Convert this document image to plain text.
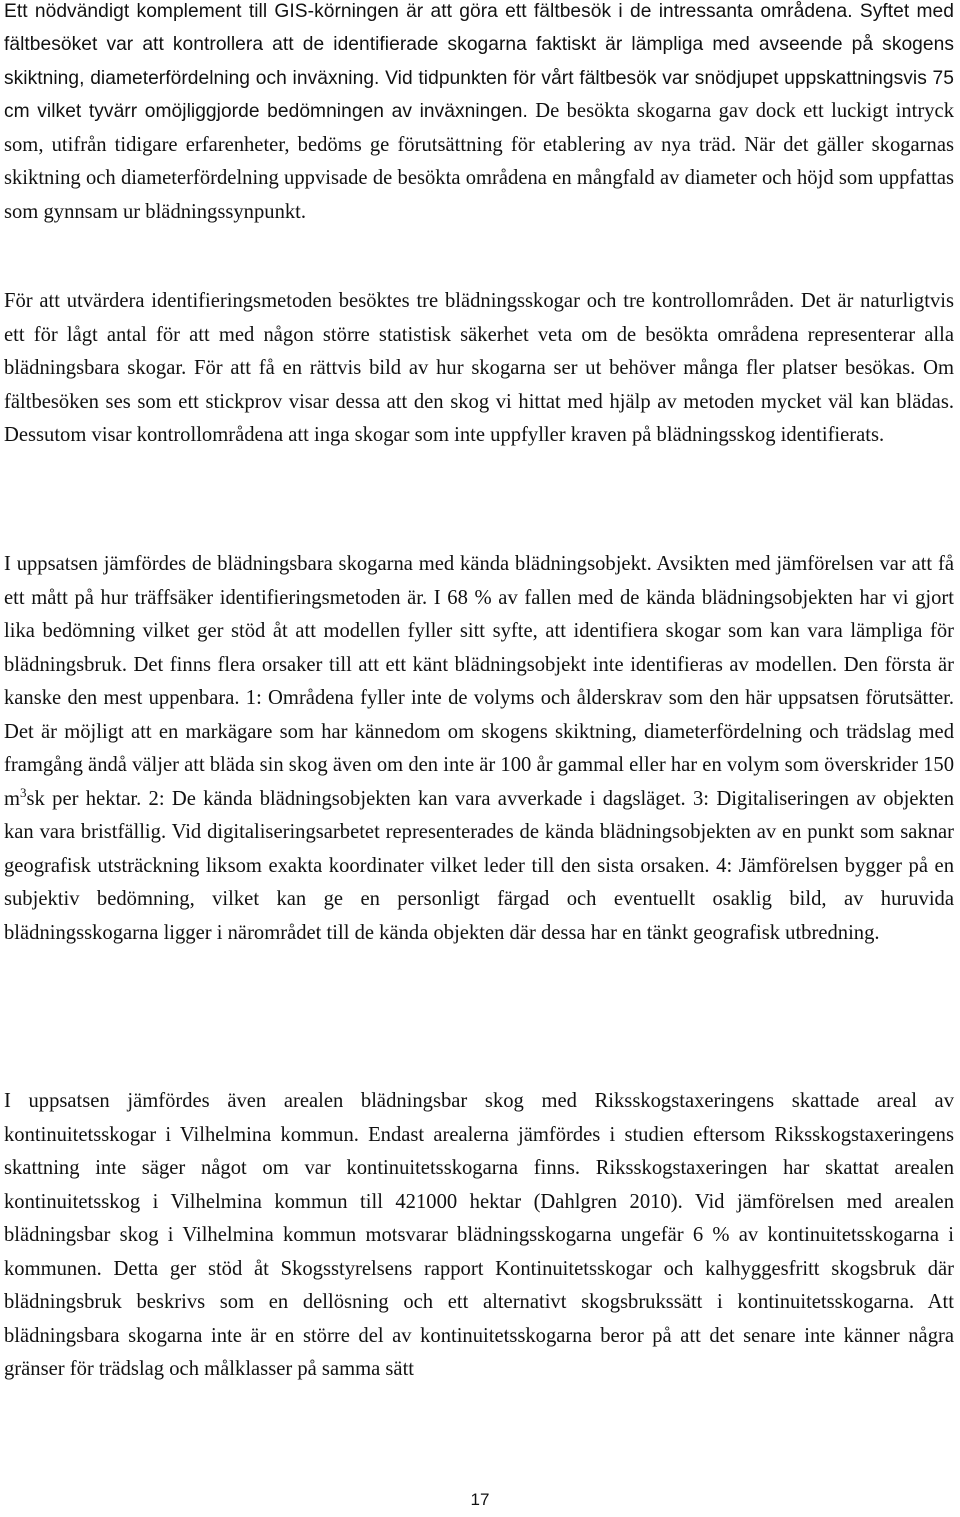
Ett nödvändigt komplement till GIS-körningen är att göra ett fältbesök i de intressanta områdena. Syftet med fältbesöket var att kontrollera att de identifierade skogarna faktiskt är lämpliga med avseende på skogens skiktning, diameterfördelning och inväxning. Vid tidpunkten för vårt fältbesök var snödjupet uppskattningsvis 75 cm vilket tyvärr omöjliggjorde bedömningen av inväxningen. De besökta skogarna gav dock ett luckigt intryck som, utifrån tidigare erfarenheter, bedöms ge förutsättning för etablering av nya träd. När det gäller skogarnas skiktning och diameterfördelning uppvisade de besökta områdena en mångfald av diameter och höjd som uppfattas som gynnsam ur blädningssynpunkt.

För att utvärdera identifieringsmetoden besöktes tre blädningsskogar och tre kontrollområden. Det är naturligtvis ett för lågt antal för att med någon större statistisk säkerhet veta om de besökta områdena representerar alla blädningsbara skogar. För att få en rättvis bild av hur skogarna ser ut behöver många fler platser besökas. Om fältbesöken ses som ett stickprov visar dessa att den skog vi hittat med hjälp av metoden mycket väl kan blädas. Dessutom visar kontrollområdena att inga skogar som inte uppfyller kraven på blädningsskog identifierats.

I uppsatsen jämfördes de blädningsbara skogarna med kända blädningsobjekt. Avsikten med jämförelsen var att få ett mått på hur träffsäker identifieringsmetoden är. I 68 % av fallen med de kända blädningsobjekten har vi gjort lika bedömning vilket ger stöd åt att modellen fyller sitt syfte, att identifiera skogar som kan vara lämpliga för blädningsbruk. Det finns flera orsaker till att ett känt blädningsobjekt inte identifieras av modellen. Den första är kanske den mest uppenbara. 1: Områdena fyller inte de volyms och ålderskrav som den här uppsatsen förutsätter. Det är möjligt att en markägare som har kännedom om skogens skiktning, diameterfördelning och trädslag med framgång ändå väljer att bläda sin skog även om den inte är 100 år gammal eller har en volym som överskrider 150 $m^3sk$ per hektar. 2: De kända blädningsobjekten kan vara avverkade i dagsläget. 3: Digitaliseringen av objekten kan vara bristfällig. Vid digitaliseringsarbetet representerades de kända blädningsobjekten av en punkt som saknar geografisk utsträckning liksom exakta koordinater vilket leder till den sista orsaken. 4: Jämförelsen bygger på en subjektiv bedömning, vilket kan ge en personligt färgad och eventuellt osaklig bild, av huruvida blädningsskogarna ligger i närområdet till de kända objekten där dessa har en tänkt geografisk utbredning.

I uppsatsen jämfördes även arealen blädningsbar skog med Riksskogstaxeringens skattade areal av kontinuitetsskogar i Vilhelmina kommun. Endast arealerna jämfördes i studien eftersom Riksskogstaxeringens skattning inte säger något om var kontinuitetsskogarna finns. Riksskogstaxeringen har skattat arealen kontinuitetsskog i Vilhelmina kommun till 421000 hektar (Dahlgren 2010). Vid jämförelsen med arealen blädningsbar skog i Vilhelmina kommun motsvarar blädningsskogarna ungefär 6 % av kontinuitetsskogarna i kommunen. Detta ger stöd åt Skogsstyrelsens rapport Kontinuitetsskogar och kalhyggesfritt skogsbruk där blädningsbruk beskrivs som en dellösning och ett alternativt skogsbrukssätt i kontinuitetsskogarna. Att blädningsbara skogarna inte är en större del av kontinuitetsskogarna beror på att det senare inte känner några gränser för trädslag och målklasser på samma sätt

17
